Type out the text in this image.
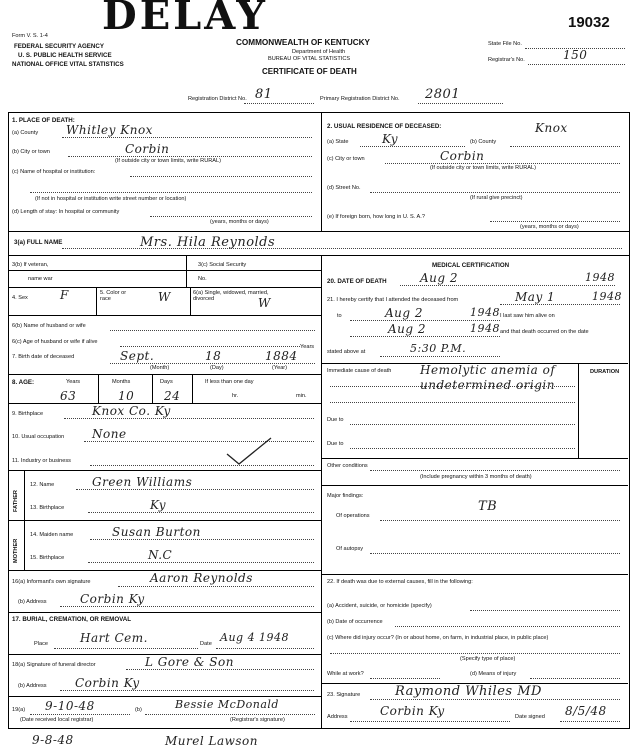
DELAY	19032
Form V. S. 1-4
FEDERAL SECURITY AGENCY
U. S. PUBLIC HEALTH SERVICE
NATIONAL OFFICE VITAL STATISTICS
COMMONWEALTH OF KENTUCKY
Department of Health
BUREAU OF VITAL STATISTICS
CERTIFICATE OF DEATH
State File No.
Registrar's No.	150
Registration District No. 81	Primary Registration District No. 2801
1. PLACE OF DEATH:
(a) County Whitley Knox
(b) City or town	Corbin
(If outside city or town limits, write RURAL)
(c) Name of hospital or institution:
(If not in hospital or institution write street number or location)
(d) Length of stay: In hospital or community
(years, months or days)
2. USUAL RESIDENCE OF DECEASED:
(a) State	Ky	(b) County
Knox
(c) City or town	Corbin
(If outside city or town limits, write RURAL)
(d) Street No.
(If rural give precinct)
(e) If foreign born, how long in U. S. A.?
(years, months or days)
3(a) FULL NAME	Mrs. Hila Reynolds
3(b) If veteran,	3(c) Social Security
name war	No.
4. Sex	F	5. Color or race	W	6(a) Single, widowed, married, divorced	W
6(b) Name of husband or wife
6(c) Age of husband or wife if alive
Years
7. Birth date of deceased	Sept.	18	1884
(Month)	(Day)	(Year)
8. AGE:	Years
63
Months
10
Days
24
If less than one day
hr.	min.
9. Birthplace	Knox Co. Ky
10. Usual occupation None
11. Industry or business
FATHER
12. Name	Green Williams
13. Birthplace	Ky
MOTHER
14. Maiden name	Susan Burton
15. Birthplace	N.C
16(a) Informant's own signature	Aaron Reynolds
(b) Address	Corbin Ky
17. BURIAL, CREMATION, OR REMOVAL
Place	Hart Cem.	Date Aug 4 1948
18(a) Signature of funeral director	L Gore & Son
(b) Address Corbin Ky
19(a) 9-10-48	(b)	Bessie McDonald
(Date received local registrar)	(Registrar's signature)
MEDICAL CERTIFICATION
20. DATE OF DEATH	Aug 2	1948
21. I hereby certify that I attended the deceased from	May 1	1948
to	Aug 2	1948 I last saw him alive on
Aug 2	1948 and that death occurred on the date
stated above at	5:30 P.M.
DURATION
Immediate cause of death Hemolytic anemia of undetermined origin
Due to
Due to
Other conditions
(Include pregnancy within 3 months of death)
Major findings:
Of operations
TB
Of autopsy
22. If death was due to external causes, fill in the following:
(a) Accident, suicide, or homicide (specify)
(b) Date of occurrence
(c) Where did injury occur? (In or about home, on farm, in industrial place, in public place)
(Specify type of place)
While at work?	(d) Means of injury
23. Signature	Raymond Whiles MD
Address	Corbin Ky	Date signed 8/5/48
9-8-48	Murel Lawson
